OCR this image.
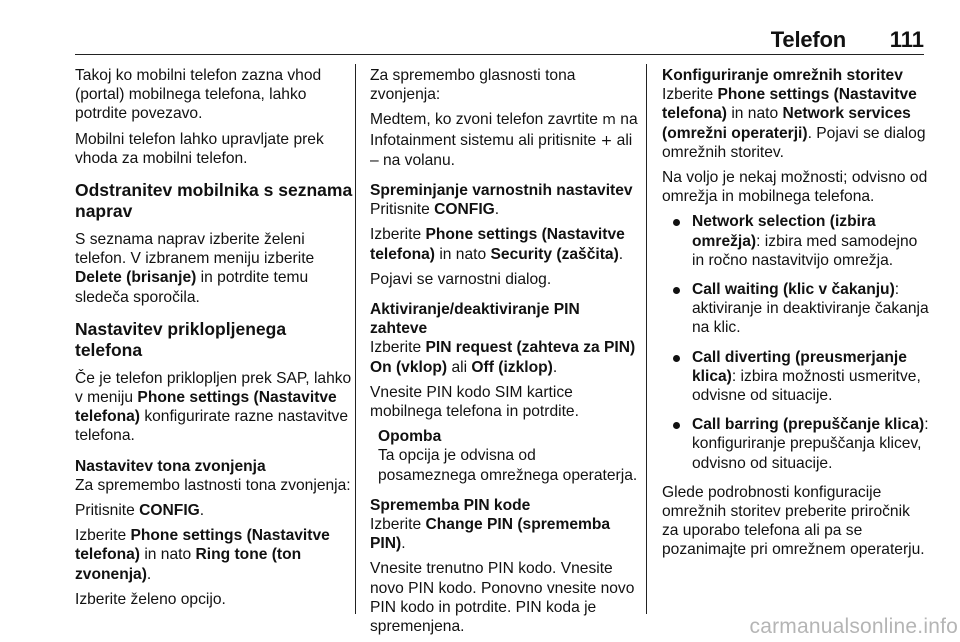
Telefon 111

Takoj ko mobilni telefon zazna vhod (portal) mobilnega telefona, lahko potrdite povezavo.

Mobilni telefon lahko upravljate prek vhoda za mobilni telefon.

Odstranitev mobilnika s seznama naprav

S seznama naprav izberite želeni telefon. V izbranem meniju izberite Delete (brisanje) in potrdite temu sledeča sporočila.

Nastavitev priklopljenega telefona

Če je telefon priklopljen prek SAP, lahko v meniju Phone settings (Nastavitve telefona) konfigurirate razne nastavitve telefona.

Nastavitev tona zvonjenja

Za spremembo lastnosti tona zvonjenja:

Pritisnite CONFIG.

Izberite Phone settings (Nastavitve telefona) in nato Ring tone (ton zvonenja).

Izberite želeno opcijo.

Za spremembo glasnosti tona zvonjenja:

Medtem, ko zvoni telefon zavrtite m na Infotainment sistemu ali pritisnite + ali – na volanu.

Spreminjanje varnostnih nastavitev

Pritisnite CONFIG.

Izberite Phone settings (Nastavitve telefona) in nato Security (zaščita).

Pojavi se varnostni dialog.

Aktiviranje/deaktiviranje PIN zahteve

Izberite PIN request (zahteva za PIN) On (vklop) ali Off (izklop).

Vnesite PIN kodo SIM kartice mobilnega telefona in potrdite.

Opomba
Ta opcija je odvisna od posameznega omrežnega operaterja.
Sprememba PIN kode

Izberite Change PIN (sprememba PIN).

Vnesite trenutno PIN kodo. Vnesite novo PIN kodo. Ponovno vnesite novo PIN kodo in potrdite. PIN koda je spremenjena.

Konfiguriranje omrežnih storitev

Izberite Phone settings (Nastavitve telefona) in nato Network services (omrežni operaterji). Pojavi se dialog omrežnih storitev.

Na voljo je nekaj možnosti; odvisno od omrežja in mobilnega telefona.

Network selection (izbira omrežja): izbira med samodejno in ročno nastavitvijo omrežja.
Call waiting (klic v čakanju): aktiviranje in deaktiviranje čakanja na klic.
Call diverting (preusmerjanje klica): izbira možnosti usmeritve, odvisne od situacije.
Call barring (prepuščanje klica): konfiguriranje prepuščanja klicev, odvisno od situacije.

Glede podrobnosti konfiguracije omrežnih storitev preberite priročnik za uporabo telefona ali pa se pozanimajte pri omrežnem operaterju.

carmanualsonline.info
